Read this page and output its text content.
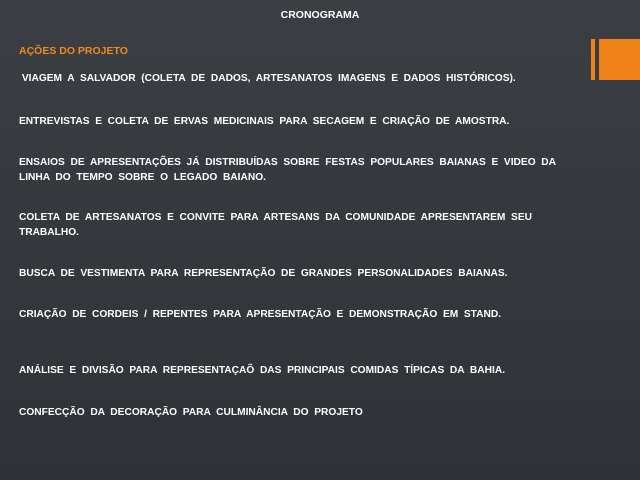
CRONOGRAMA
AÇÕES DO PROJETO
VIAGEM  A  SALVADOR  (COLETA  DE  DADOS,  ARTESANATOS  IMAGENS  E  DADOS  HISTÓRICOS).
ENTREVISTAS  E  COLETA  DE  ERVAS  MEDICINAIS  PARA  SECAGEM  E  CRIAÇÃO  DE  AMOSTRA.
ENSAIOS  DE  APRESENTAÇÕES  JÁ  DISTRIBUÍDAS  SOBRE  FESTAS  POPULARES  BAIANAS  E  VIDEO  DA
LINHA  DO  TEMPO  SOBRE  O  LEGADO  BAIANO.
COLETA  DE  ARTESANATOS  E  CONVITE  PARA  ARTESANS  DA  COMUNIDADE  APRESENTAREM  SEU
TRABALHO.
BUSCA  DE  VESTIMENTA  PARA  REPRESENTAÇÃO  DE  GRANDES  PERSONALIDADES  BAIANAS.
CRIAÇÃO  DE  CORDEIS  /  REPENTES  PARA  APRESENTAÇÃO  E  DEMONSTRAÇÃO  EM  STAND.
ANÁLISE  E  DIVISÃO  PARA  REPRESENTAÇAÕ  DAS  PRINCIPAIS  COMIDAS  TÍPICAS  DA  BAHIA.
CONFECÇÃO  DA  DECORAÇÃO  PARA  CULMINÂNCIA  DO  PROJETO
